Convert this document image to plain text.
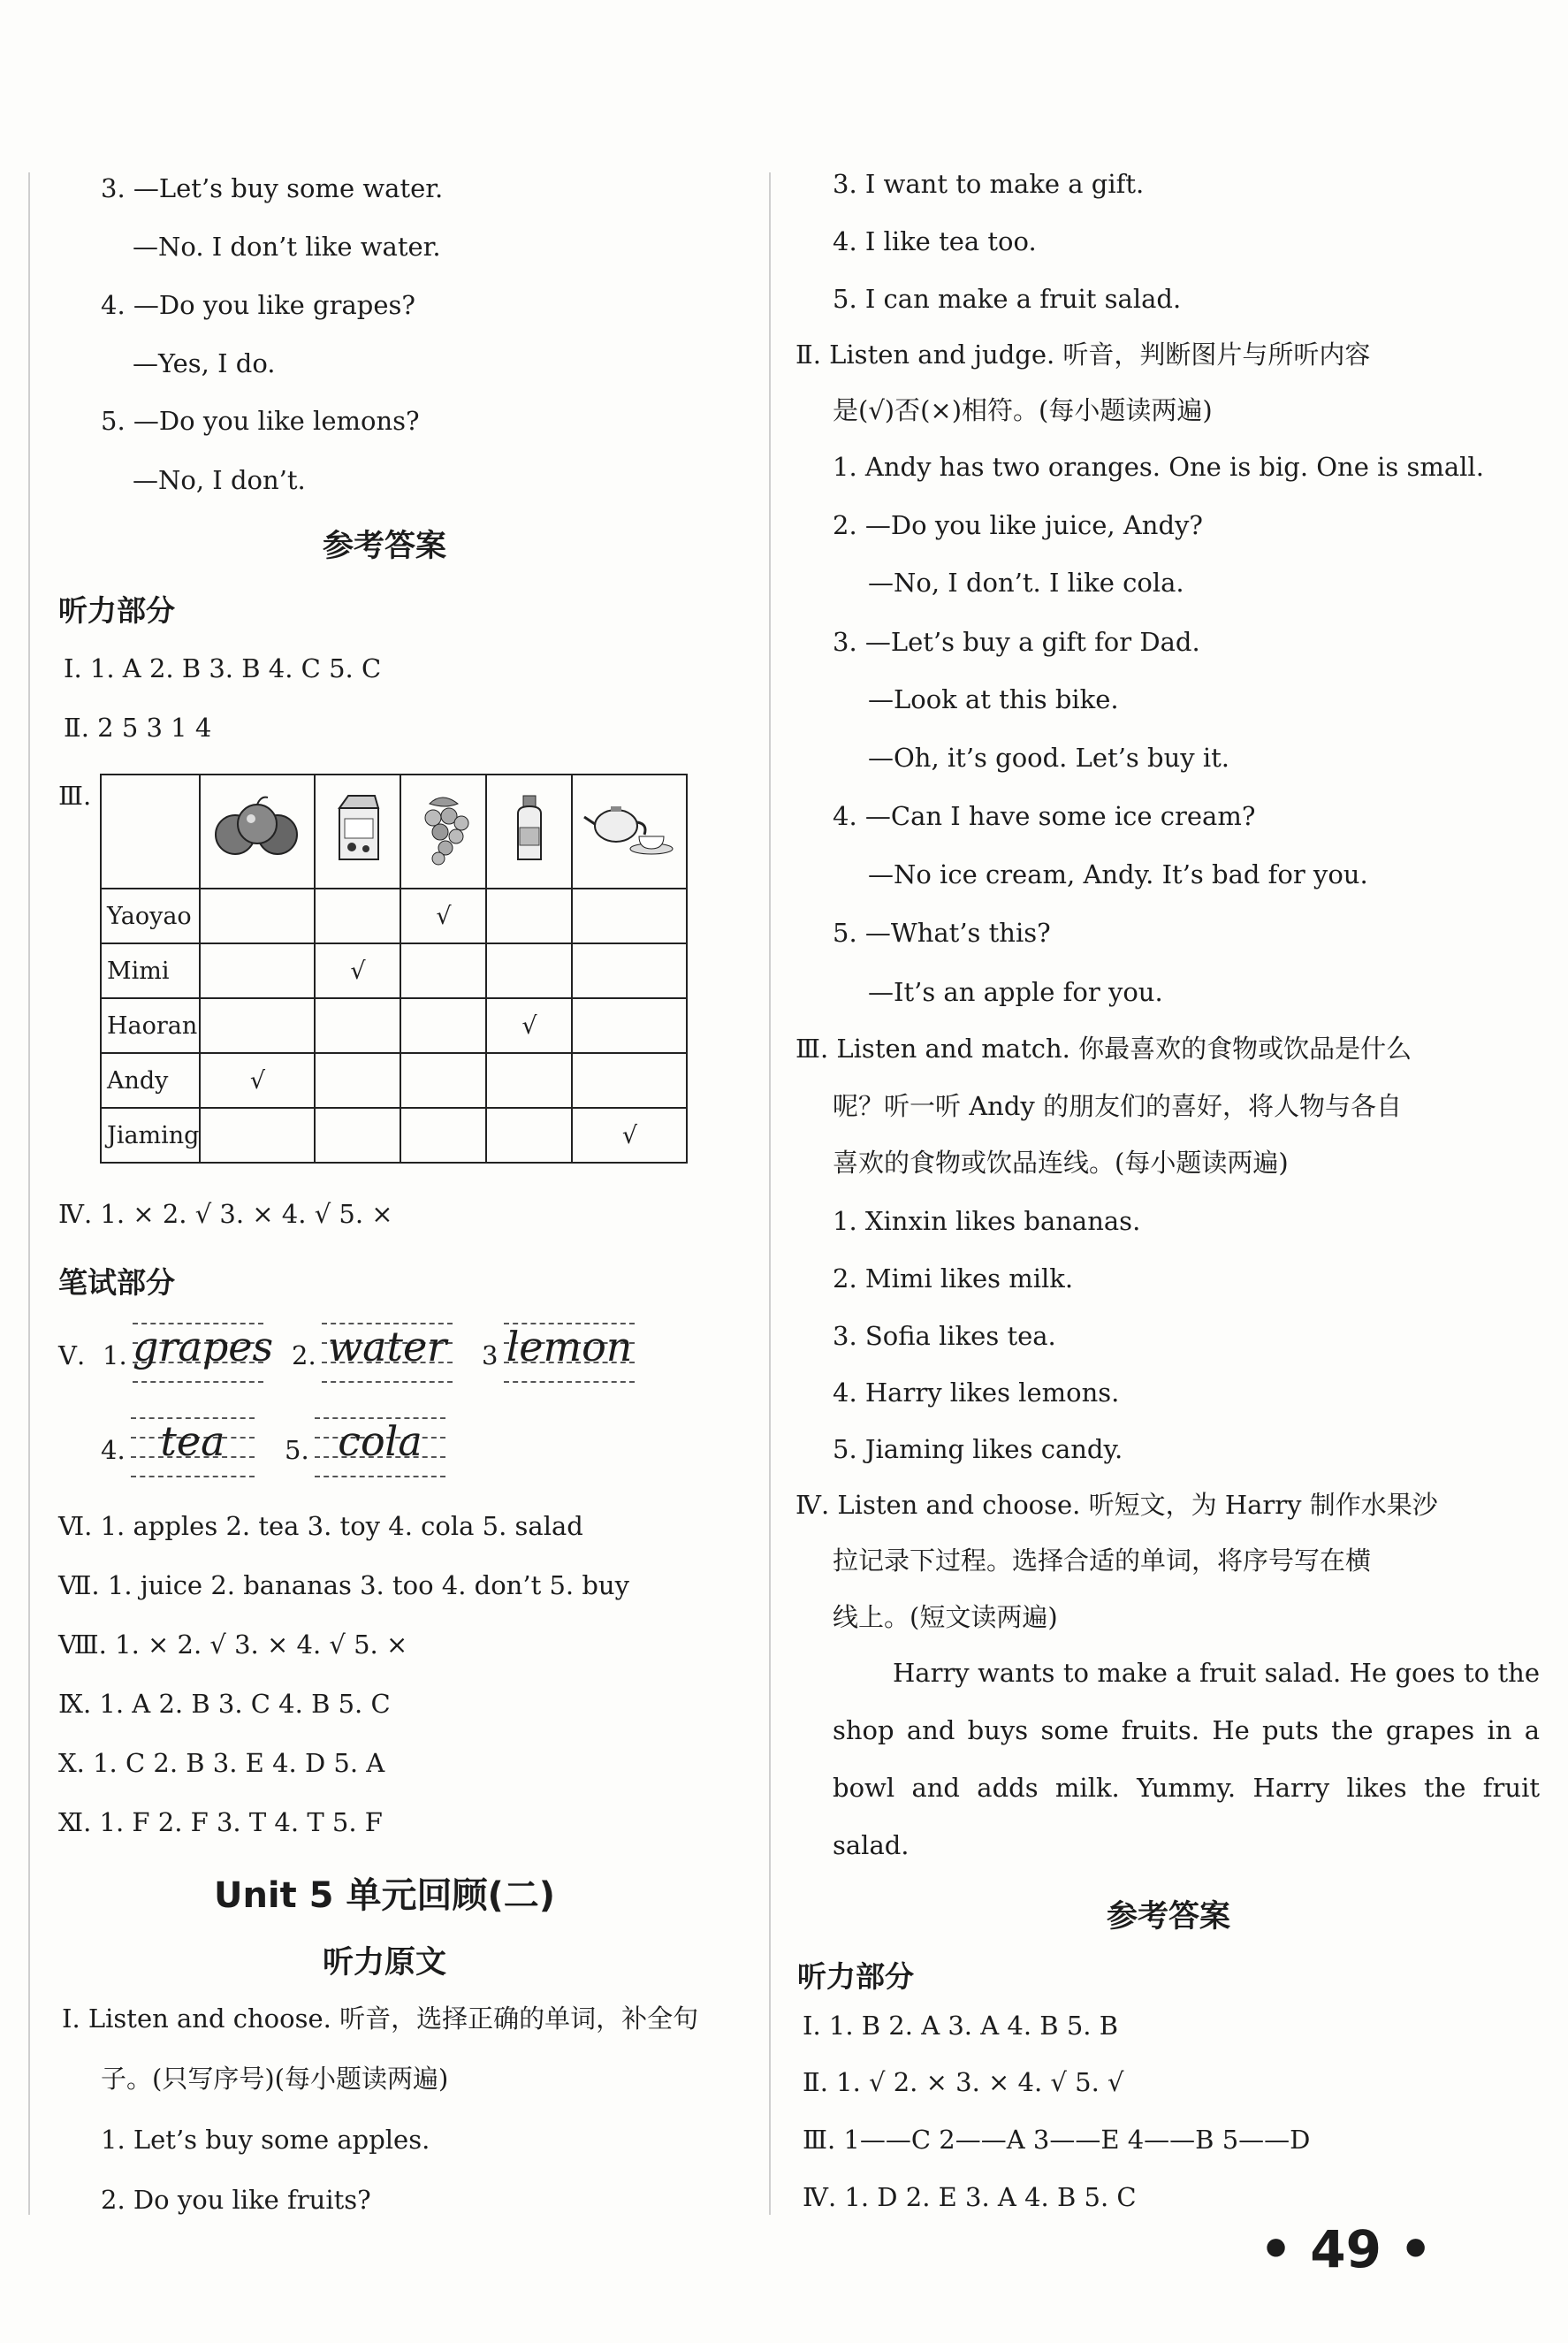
3. —Let’s buy some water.
—No. I don’t like water.
4. —Do you like grapes?
—Yes, I do.
5. —Do you like lemons?
—No, I don’t.
参考答案
听力部分
Ⅰ. 1. A 2. B 3. B 4. C 5. C
Ⅱ. 2 5 3 1 4
Ⅲ.

Yaoyao			√		
Mimi		√			
Haoran				√	
Andy	√				
Jiaming					√
Ⅳ. 1. × 2. √ 3. × 4. √ 5. ×
笔试部分
Ⅴ. 1. grapes 2. water 3 lemon
4. tea	5. cola
Ⅵ. 1. apples 2. tea 3. toy 4. cola 5. salad
Ⅶ. 1. juice 2. bananas 3. too 4. don’t 5. buy
Ⅷ. 1. × 2. √ 3. × 4. √ 5. ×
Ⅸ. 1. A 2. B 3. C 4. B 5. C
Ⅹ. 1. C 2. B 3. E 4. D 5. A
Ⅺ. 1. F 2. F 3. T 4. T 5. F
Unit 5 单元回顾(二)
听力原文
Ⅰ. Listen and choose. 听音，选择正确的单词，补全句
子。(只写序号)(每小题读两遍)
1. Let’s buy some apples.
2. Do you like fruits?
3. I want to make a gift.
4. I like tea too.
5. I can make a fruit salad.
Ⅱ. Listen and judge. 听音，判断图片与所听内容
是(√)否(×)相符。(每小题读两遍)
1. Andy has two oranges. One is big. One is small.
2. —Do you like juice, Andy?
—No, I don’t. I like cola.
3. —Let’s buy a gift for Dad.
—Look at this bike.
—Oh, it’s good. Let’s buy it.
4. —Can I have some ice cream?
—No ice cream, Andy. It’s bad for you.
5. —What’s this?
—It’s an apple for you.
Ⅲ. Listen and match. 你最喜欢的食物或饮品是什么
呢？听一听 Andy 的朋友们的喜好，将人物与各自
喜欢的食物或饮品连线。(每小题读两遍)
1. Xinxin likes bananas.
2. Mimi likes milk.
3. Sofia likes tea.
4. Harry likes lemons.
5. Jiaming likes candy.
Ⅳ. Listen and choose. 听短文，为 Harry 制作水果沙
拉记录下过程。选择合适的单词，将序号写在横
线上。(短文读两遍)
Harry wants to make a fruit salad. He goes to the shop and buys some fruits. He puts the grapes in a bowl and adds milk. Yummy. Harry likes the fruit salad.
参考答案
听力部分
Ⅰ. 1. B 2. A 3. A 4. B 5. B
Ⅱ. 1. √ 2. × 3. × 4. √ 5. √
Ⅲ. 1——C 2——A 3——E 4——B 5——D
Ⅳ. 1. D 2. E 3. A 4. B 5. C
• 49 •
